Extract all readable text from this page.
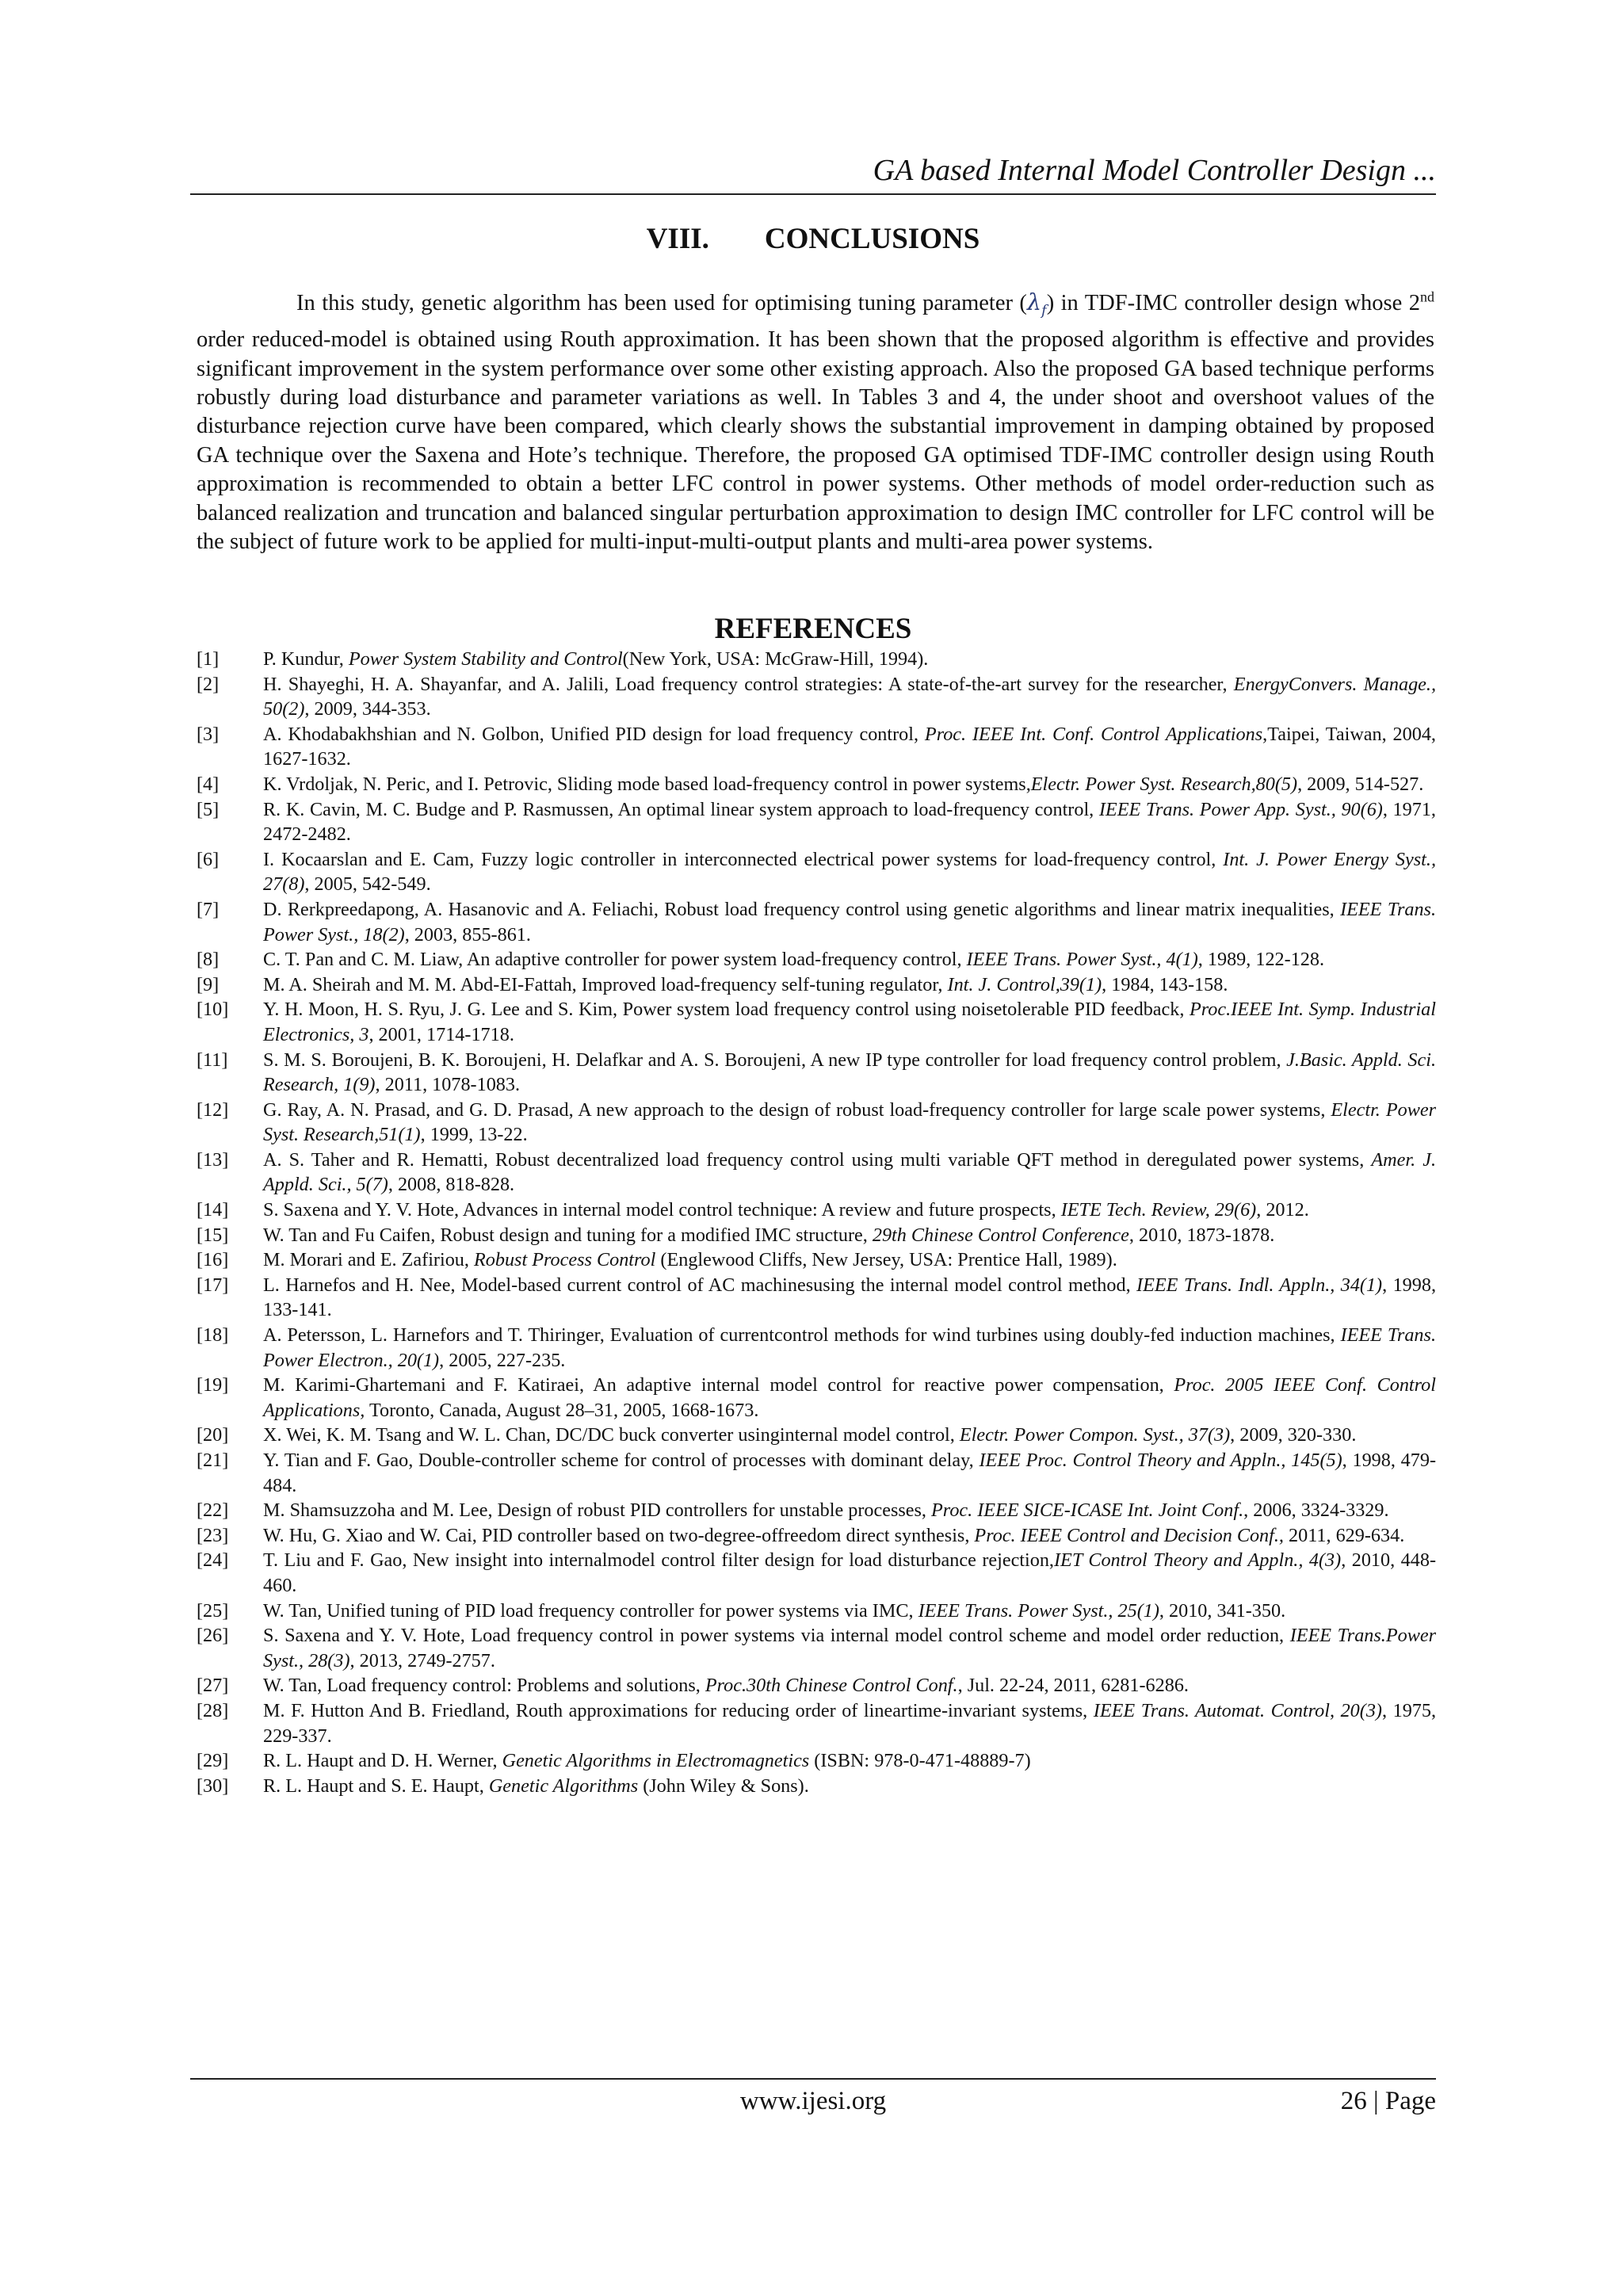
GA based Internal Model Controller Design ...
VIII. CONCLUSIONS

In this study, genetic algorithm has been used for optimising tuning parameter $(\lambda_f)$ in TDF-IMC controller design whose 2nd order reduced-model is obtained using Routh approximation. It has been shown that the proposed algorithm is effective and provides significant improvement in the system performance over some other existing approach. Also the proposed GA based technique performs robustly during load disturbance and parameter variations as well. In Tables 3 and 4, the under shoot and overshoot values of the disturbance rejection curve have been compared, which clearly shows the substantial improvement in damping obtained by proposed GA technique over the Saxena and Hote’s technique. Therefore, the proposed GA optimised TDF-IMC controller design using Routh approximation is recommended to obtain a better LFC control in power systems. Other methods of model order-reduction such as balanced realization and truncation and balanced singular perturbation approximation to design IMC controller for LFC control will be the subject of future work to be applied for multi-input-multi-output plants and multi-area power systems.

REFERENCES
[1] P. Kundur, Power System Stability and Control(New York, USA: McGraw-Hill, 1994).
[2] H. Shayeghi, H. A. Shayanfar, and A. Jalili, Load frequency control strategies: A state-of-the-art survey for the researcher, EnergyConvers. Manage., 50(2), 2009, 344-353.
[3] A. Khodabakhshian and N. Golbon, Unified PID design for load frequency control, Proc. IEEE Int. Conf. Control Applications,Taipei, Taiwan, 2004, 1627-1632.
[4] K. Vrdoljak, N. Peric, and I. Petrovic, Sliding mode based load-frequency control in power systems,Electr. Power Syst. Research,80(5), 2009, 514-527.
[5] R. K. Cavin, M. C. Budge and P. Rasmussen, An optimal linear system approach to load-frequency control, IEEE Trans. Power App. Syst., 90(6), 1971, 2472-2482.
[6] I. Kocaarslan and E. Cam, Fuzzy logic controller in interconnected electrical power systems for load-frequency control, Int. J. Power Energy Syst., 27(8), 2005, 542-549.
[7] D. Rerkpreedapong, A. Hasanovic and A. Feliachi, Robust load frequency control using genetic algorithms and linear matrix inequalities, IEEE Trans. Power Syst., 18(2), 2003, 855-861.
[8] C. T. Pan and C. M. Liaw, An adaptive controller for power system load-frequency control, IEEE Trans. Power Syst., 4(1), 1989, 122-128.
[9] M. A. Sheirah and M. M. Abd-EI-Fattah, Improved load-frequency self-tuning regulator, Int. J. Control,39(1), 1984, 143-158.
[10] Y. H. Moon, H. S. Ryu, J. G. Lee and S. Kim, Power system load frequency control using noisetolerable PID feedback, Proc.IEEE Int. Symp. Industrial Electronics, 3, 2001, 1714-1718.
[11] S. M. S. Boroujeni, B. K. Boroujeni, H. Delafkar and A. S. Boroujeni, A new IP type controller for load frequency control problem, J.Basic. Appld. Sci. Research, 1(9), 2011, 1078-1083.
[12] G. Ray, A. N. Prasad, and G. D. Prasad, A new approach to the design of robust load-frequency controller for large scale power systems, Electr. Power Syst. Research,51(1), 1999, 13-22.
[13] A. S. Taher and R. Hematti, Robust decentralized load frequency control using multi variable QFT method in deregulated power systems, Amer. J. Appld. Sci., 5(7), 2008, 818-828.
[14] S. Saxena and Y. V. Hote, Advances in internal model control technique: A review and future prospects, IETE Tech. Review, 29(6), 2012.
[15] W. Tan and Fu Caifen, Robust design and tuning for a modified IMC structure, 29th Chinese Control Conference, 2010, 1873-1878.
[16] M. Morari and E. Zafiriou, Robust Process Control (Englewood Cliffs, New Jersey, USA: Prentice Hall, 1989).
[17] L. Harnefos and H. Nee, Model-based current control of AC machinesusing the internal model control method, IEEE Trans. Indl. Appln., 34(1), 1998, 133-141.
[18] A. Petersson, L. Harnefors and T. Thiringer, Evaluation of currentcontrol methods for wind turbines using doubly-fed induction machines, IEEE Trans. Power Electron., 20(1), 2005, 227-235.
[19] M. Karimi-Ghartemani and F. Katiraei, An adaptive internal model control for reactive power compensation, Proc. 2005 IEEE Conf. Control Applications, Toronto, Canada, August 28–31, 2005, 1668-1673.
[20] X. Wei, K. M. Tsang and W. L. Chan, DC/DC buck converter usinginternal model control, Electr. Power Compon. Syst., 37(3), 2009, 320-330.
[21] Y. Tian and F. Gao, Double-controller scheme for control of processes with dominant delay, IEEE Proc. Control Theory and Appln., 145(5), 1998, 479-484.
[22] M. Shamsuzzoha and M. Lee, Design of robust PID controllers for unstable processes, Proc. IEEE SICE-ICASE Int. Joint Conf., 2006, 3324-3329.
[23] W. Hu, G. Xiao and W. Cai, PID controller based on two-degree-offreedom direct synthesis, Proc. IEEE Control and Decision Conf., 2011, 629-634.
[24] T. Liu and F. Gao, New insight into internalmodel control filter design for load disturbance rejection,IET Control Theory and Appln., 4(3), 2010, 448-460.
[25] W. Tan, Unified tuning of PID load frequency controller for power systems via IMC, IEEE Trans. Power Syst., 25(1), 2010, 341-350.
[26] S. Saxena and Y. V. Hote, Load frequency control in power systems via internal model control scheme and model order reduction, IEEE Trans.Power Syst., 28(3), 2013, 2749-2757.
[27] W. Tan, Load frequency control: Problems and solutions, Proc.30th Chinese Control Conf., Jul. 22-24, 2011, 6281-6286.
[28] M. F. Hutton And B. Friedland, Routh approximations for reducing order of lineartime-invariant systems, IEEE Trans. Automat. Control, 20(3), 1975, 229-337.
[29] R. L. Haupt and D. H. Werner, Genetic Algorithms in Electromagnetics (ISBN: 978-0-471-48889-7)
[30] R. L. Haupt and S. E. Haupt, Genetic Algorithms (John Wiley & Sons).
www.ijesi.org	26 | Page
